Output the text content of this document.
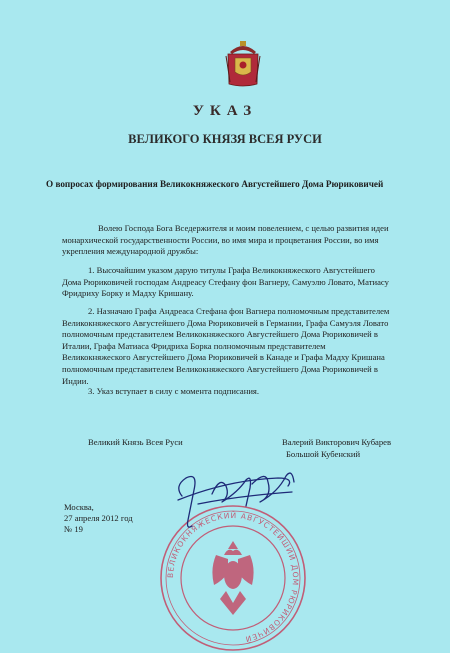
УКАЗ
ВЕЛИКОГО КНЯЗЯ ВСЕЯ РУСИ
О вопросах формирования Великокняжеского Августейшего Дома Рюриковичей
Волею Господа Бога Вседержителя и моим повелением, с целью развития идеи
монархической государственности России, во имя мира и процветания России, во имя
укрепления международной дружбы:
1. Высочайшим указом дарую титулы Графа Великокняжеского Августейшего
Дома Рюриковичей господам Андреасу Стефану фон Вагнеру, Самуэлю Ловато, Матиасу
Фридриху Борку и Мадху Кришану.
2. Назначаю Графа Андреаса Стефана фон Вагнера полномочным представителем
Великокняжеского Августейшего Дома Рюриковичей в Германии, Графа Самуэля Ловато
полномочным представителем Великокняжеского Августейшего Дома Рюриковичей в
Италии, Графа Матиаса Фридриха Борка полномочным представителем
Великокняжеского Августейшего Дома Рюриковичей в Канаде и Графа Мадху Кришана
полномочным представителем Великокняжеского Августейшего Дома Рюриковичей в
Индии.
3. Указ вступает в силу с момента подписания.
Великий Князь Всея Руси	Валерий Викторович Кубарев
Большой Кубенский
Москва,
27 апреля 2012 год
№ 19
ВЕЛИКОКНЯЖЕСКИЙ АВГУСТЕЙШИЙ ДОМ РЮРИКОВИЧЕЙ
